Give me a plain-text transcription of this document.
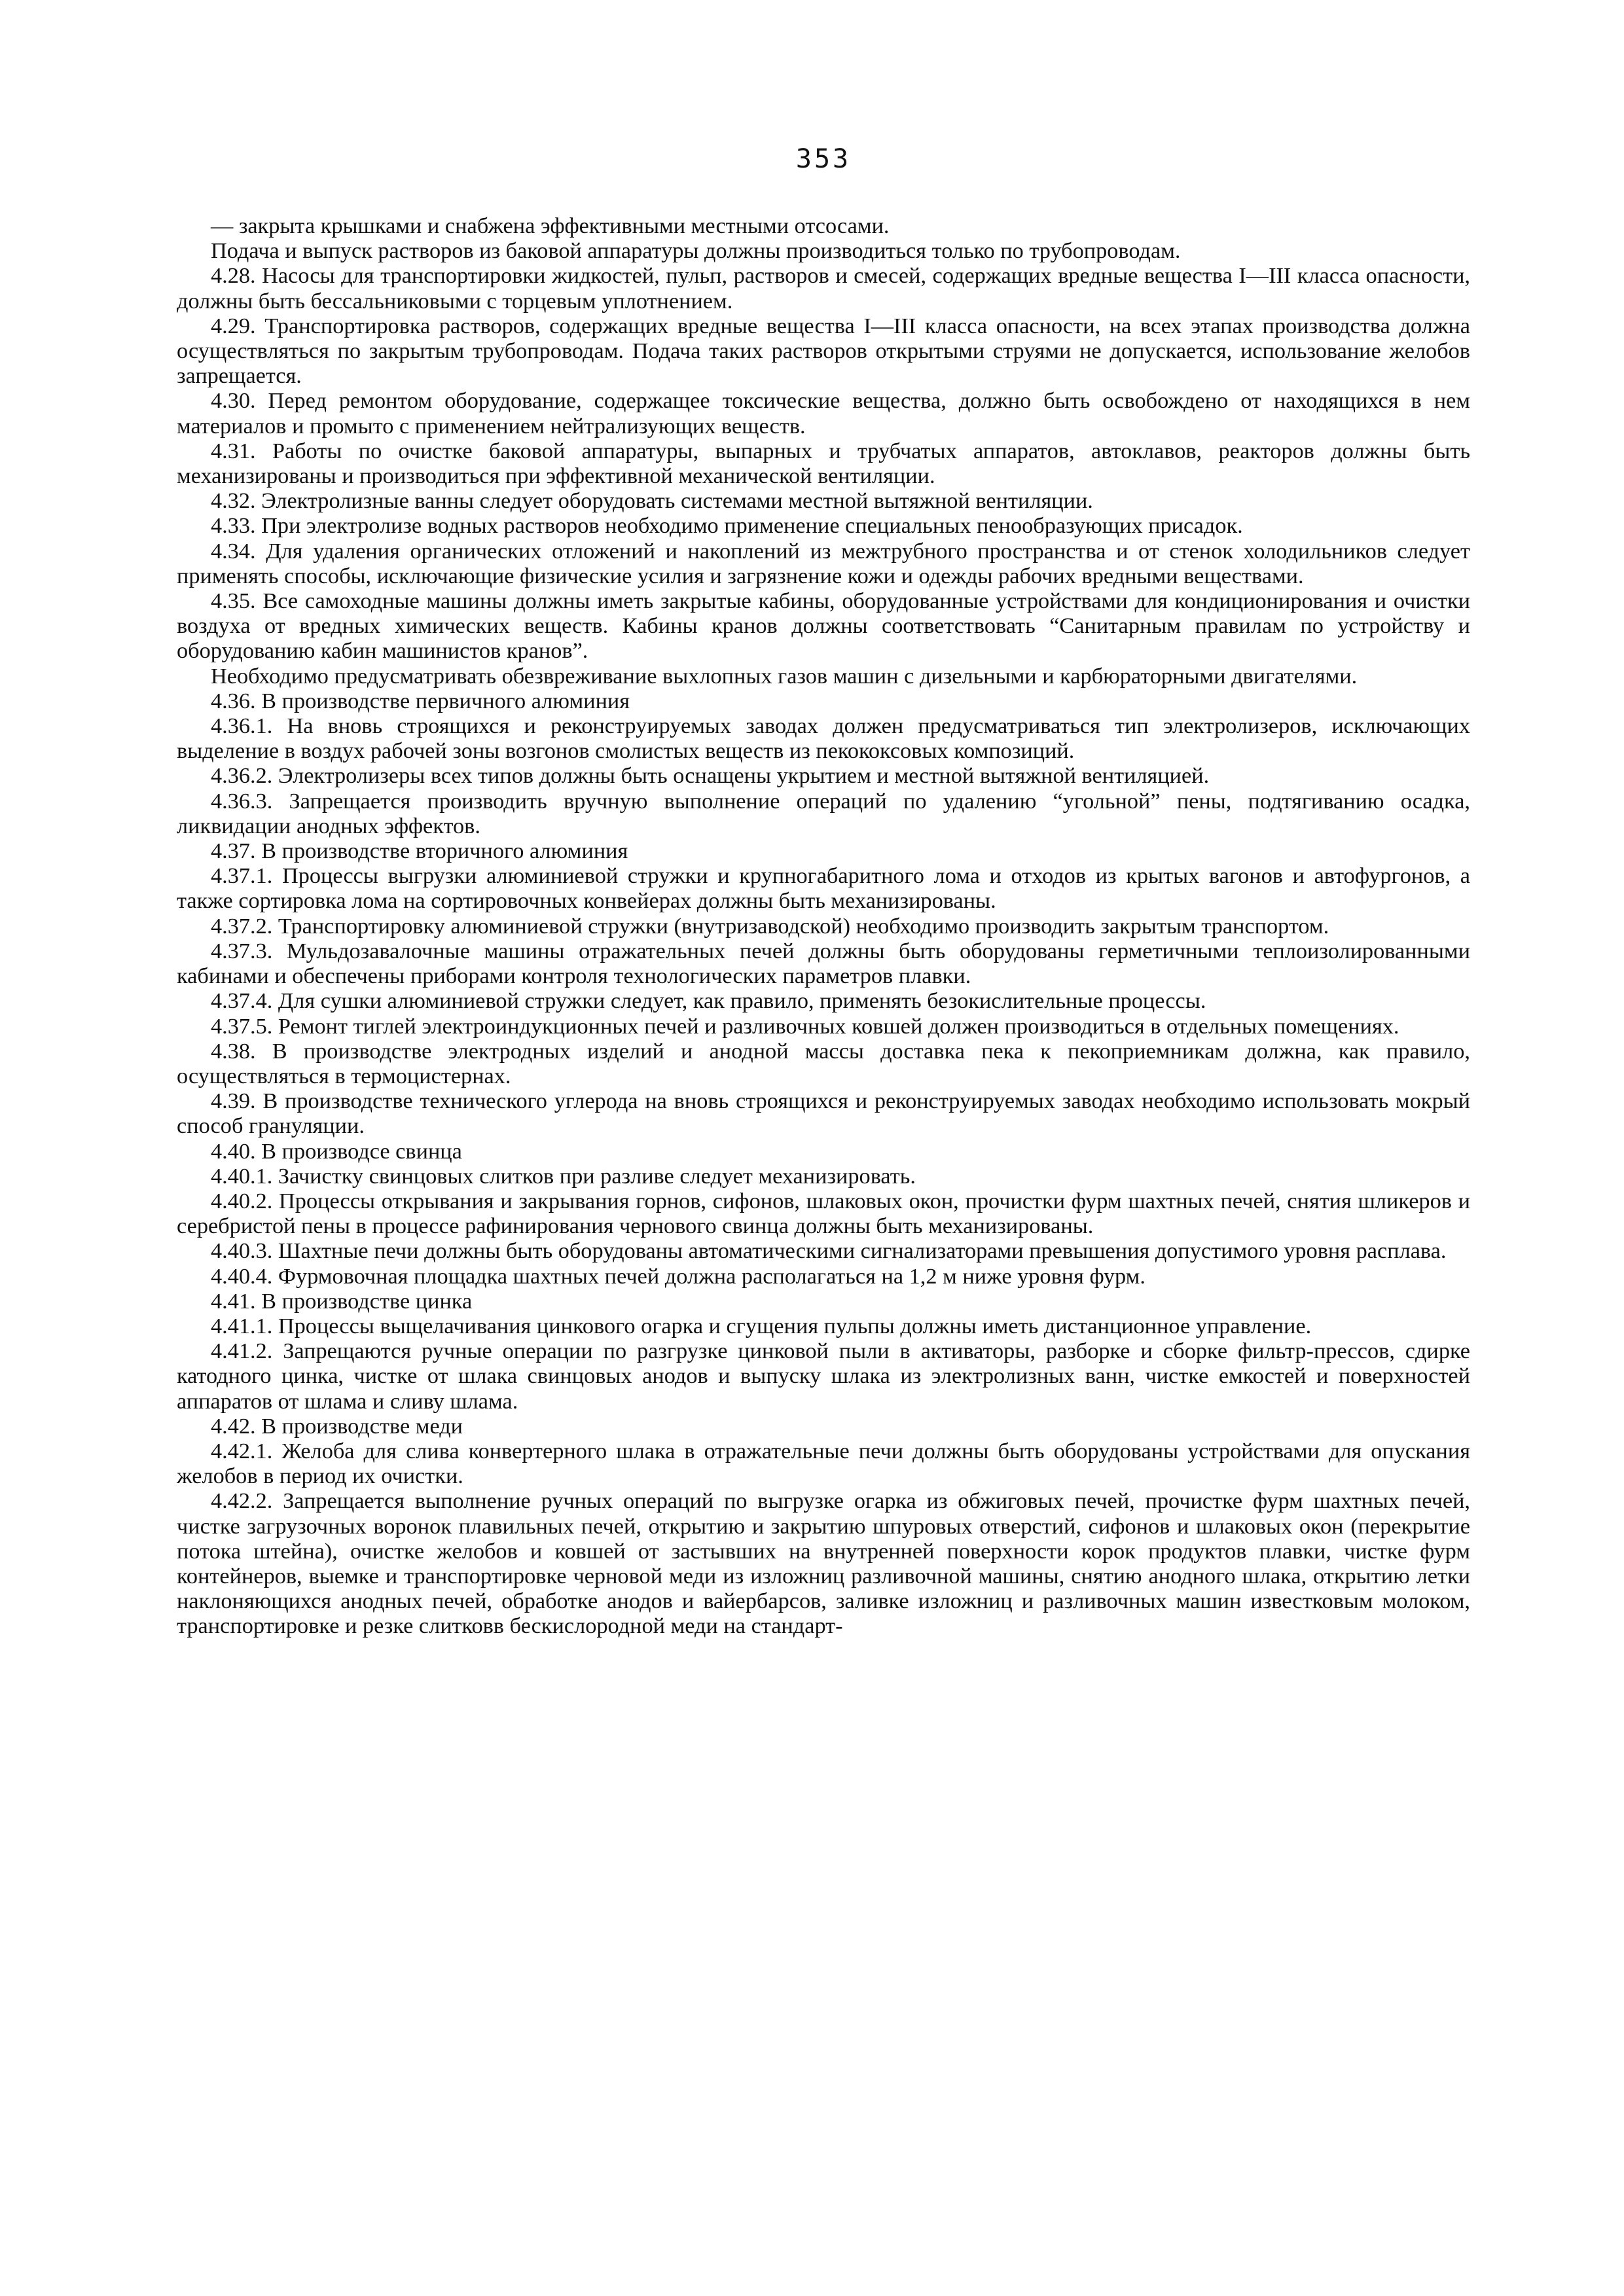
353

— закрыта крышками и снабжена эффективными местными отсосами.

Подача и выпуск растворов из баковой аппаратуры должны производиться только по трубопроводам.

4.28. Насосы для транспортировки жидкостей, пульп, растворов и смесей, содержащих вредные вещества I—III класса опасности, должны быть бессальниковыми с торцевым уплотнением.

4.29. Транспортировка растворов, содержащих вредные вещества I—III класса опасности, на всех этапах производства должна осуществляться по закрытым трубопроводам. Подача таких растворов открытыми струями не допускается, использование желобов запрещается.

4.30. Перед ремонтом оборудование, содержащее токсические вещества, должно быть освобождено от находящихся в нем материалов и промыто с применением нейтрализующих веществ.

4.31. Работы по очистке баковой аппаратуры, выпарных и трубчатых аппаратов, автоклавов, реакторов должны быть механизированы и производиться при эффективной механической вентиляции.

4.32. Электролизные ванны следует оборудовать системами местной вытяжной вентиляции.

4.33. При электролизе водных растворов необходимо применение специальных пенообразующих присадок.

4.34. Для удаления органических отложений и накоплений из межтрубного пространства и от стенок холодильников следует применять способы, исключающие физические усилия и загрязнение кожи и одежды рабочих вредными веществами.

4.35. Все самоходные машины должны иметь закрытые кабины, оборудованные устройствами для кондиционирования и очистки воздуха от вредных химических веществ. Кабины кранов должны соответствовать “Санитарным правилам по устройству и оборудованию кабин машинистов кранов”.

Необходимо предусматривать обезвреживание выхлопных газов машин с дизельными и карбюраторными двигателями.

4.36. В производстве первичного алюминия

4.36.1. На вновь строящихся и реконструируемых заводах должен предусматриваться тип электролизеров, исключающих выделение в воздух рабочей зоны возгонов смолистых веществ из пекококсовых композиций.

4.36.2. Электролизеры всех типов должны быть оснащены укрытием и местной вытяжной вентиляцией.

4.36.3. Запрещается производить вручную выполнение операций по удалению “угольной” пены, подтягиванию осадка, ликвидации анодных эффектов.

4.37. В производстве вторичного алюминия

4.37.1. Процессы выгрузки алюминиевой стружки и крупногабаритного лома и отходов из крытых вагонов и автофургонов, а также сортировка лома на сортировочных конвейерах должны быть механизированы.

4.37.2. Транспортировку алюминиевой стружки (внутризаводской) необходимо производить закрытым транспортом.

4.37.3. Мульдозавалочные машины отражательных печей должны быть оборудованы герметичными теплоизолированными кабинами и обеспечены приборами контроля технологических параметров плавки.

4.37.4. Для сушки алюминиевой стружки следует, как правило, применять безокислительные процессы.

4.37.5. Ремонт тиглей электроиндукционных печей и разливочных ковшей должен производиться в отдельных помещениях.

4.38. В производстве электродных изделий и анодной массы доставка пека к пекоприемникам должна, как правило, осуществляться в термоцистернах.

4.39. В производстве технического углерода на вновь строящихся и реконструируемых заводах необходимо использовать мокрый способ грануляции.

4.40. В производсе свинца

4.40.1. Зачистку свинцовых слитков при разливе следует механизировать.

4.40.2. Процессы открывания и закрывания горнов, сифонов, шлаковых окон, прочистки фурм шахтных печей, снятия шликеров и серебристой пены в процессе рафинирования чернового свинца должны быть механизированы.

4.40.3. Шахтные печи должны быть оборудованы автоматическими сигнализаторами превышения допустимого уровня расплава.

4.40.4. Фурмовочная площадка шахтных печей должна располагаться на 1,2 м ниже уровня фурм.

4.41. В производстве цинка

4.41.1. Процессы выщелачивания цинкового огарка и сгущения пульпы должны иметь дистанционное управление.

4.41.2. Запрещаются ручные операции по разгрузке цинковой пыли в активаторы, разборке и сборке фильтр-прессов, сдирке катодного цинка, чистке от шлака свинцовых анодов и выпуску шлака из электролизных ванн, чистке емкостей и поверхностей аппаратов от шлама и сливу шлама.

4.42. В производстве меди

4.42.1. Желоба для слива конвертерного шлака в отражательные печи должны быть оборудованы устройствами для опускания желобов в период их очистки.

4.42.2. Запрещается выполнение ручных операций по выгрузке огарка из обжиговых печей, прочистке фурм шахтных печей, чистке загрузочных воронок плавильных печей, открытию и закрытию шпуровых отверстий, сифонов и шлаковых окон (перекрытие потока штейна), очистке желобов и ковшей от застывших на внутренней поверхности корок продуктов плавки, чистке фурм контейнеров, выемке и транспортировке черновой меди из изложниц разливочной машины, снятию анодного шлака, открытию летки наклоняющихся анодных печей, обработке анодов и вайербарсов, заливке изложниц и разливочных машин известковым молоком, транспортировке и резке слитковв бескислородной меди на стандарт-
